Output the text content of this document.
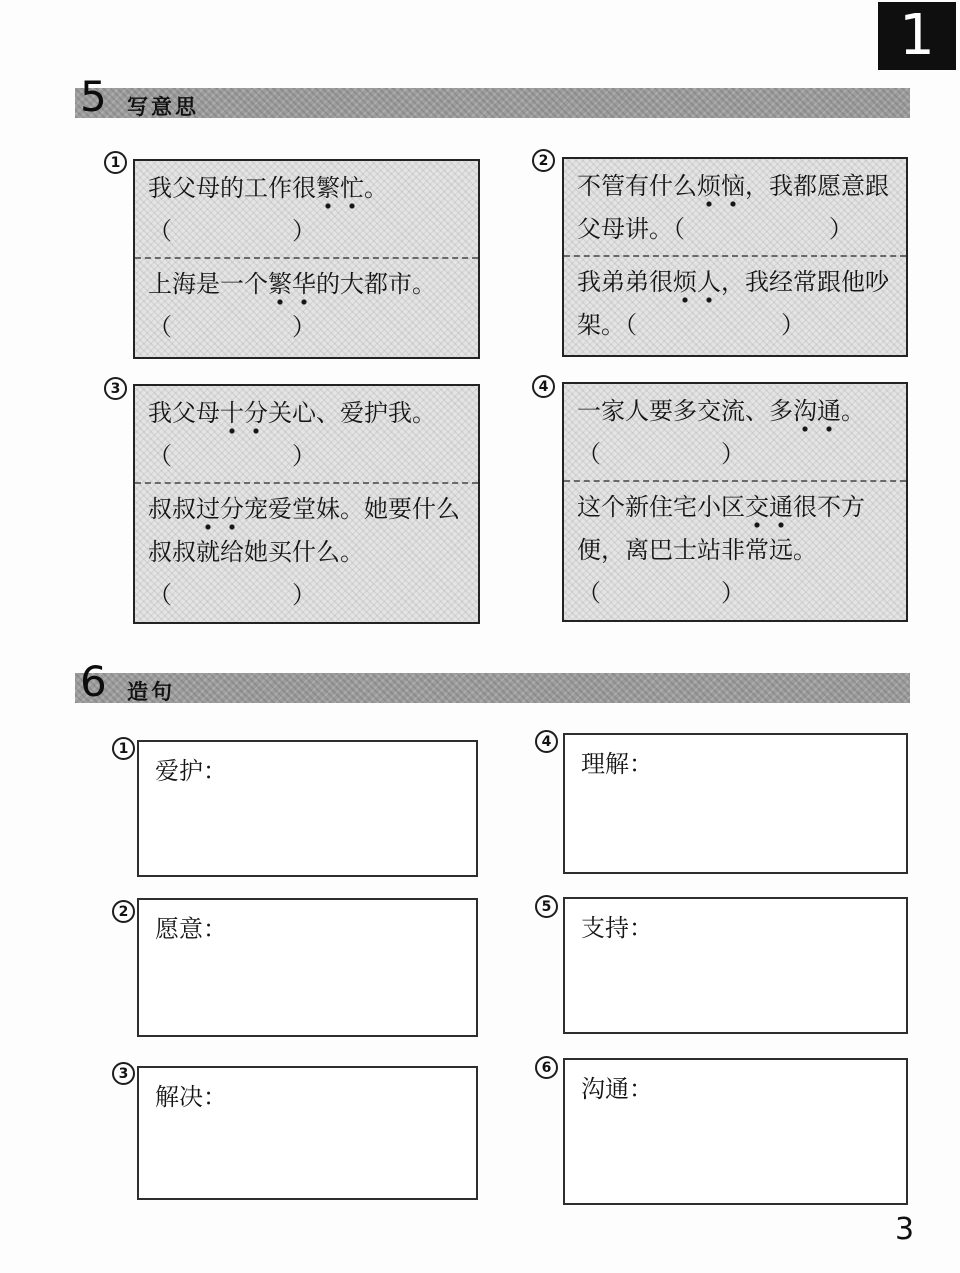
1
5 写意思
1

我父母的工作很繁忙。

（　　　　　）

上海是一个繁华的大都市。

（　　　　　）

2

不管有什么烦恼，我都愿意跟父母讲。（　　　　　　）

我弟弟很烦人，我经常跟他吵架。（　　　　　　）

3

我父母十分关心、爱护我。

（　　　　　）

叔叔过分宠爱堂妹。她要什么叔叔就给她买什么。

（　　　　　）

4

一家人要多交流、多沟通。

（　　　　　）

这个新住宅小区交通很不方便，离巴士站非常远。

（　　　　　）

6 造句
1
爱护：
2
愿意：
3
解决：
4
理解：
5
支持：
6
沟通：
3
